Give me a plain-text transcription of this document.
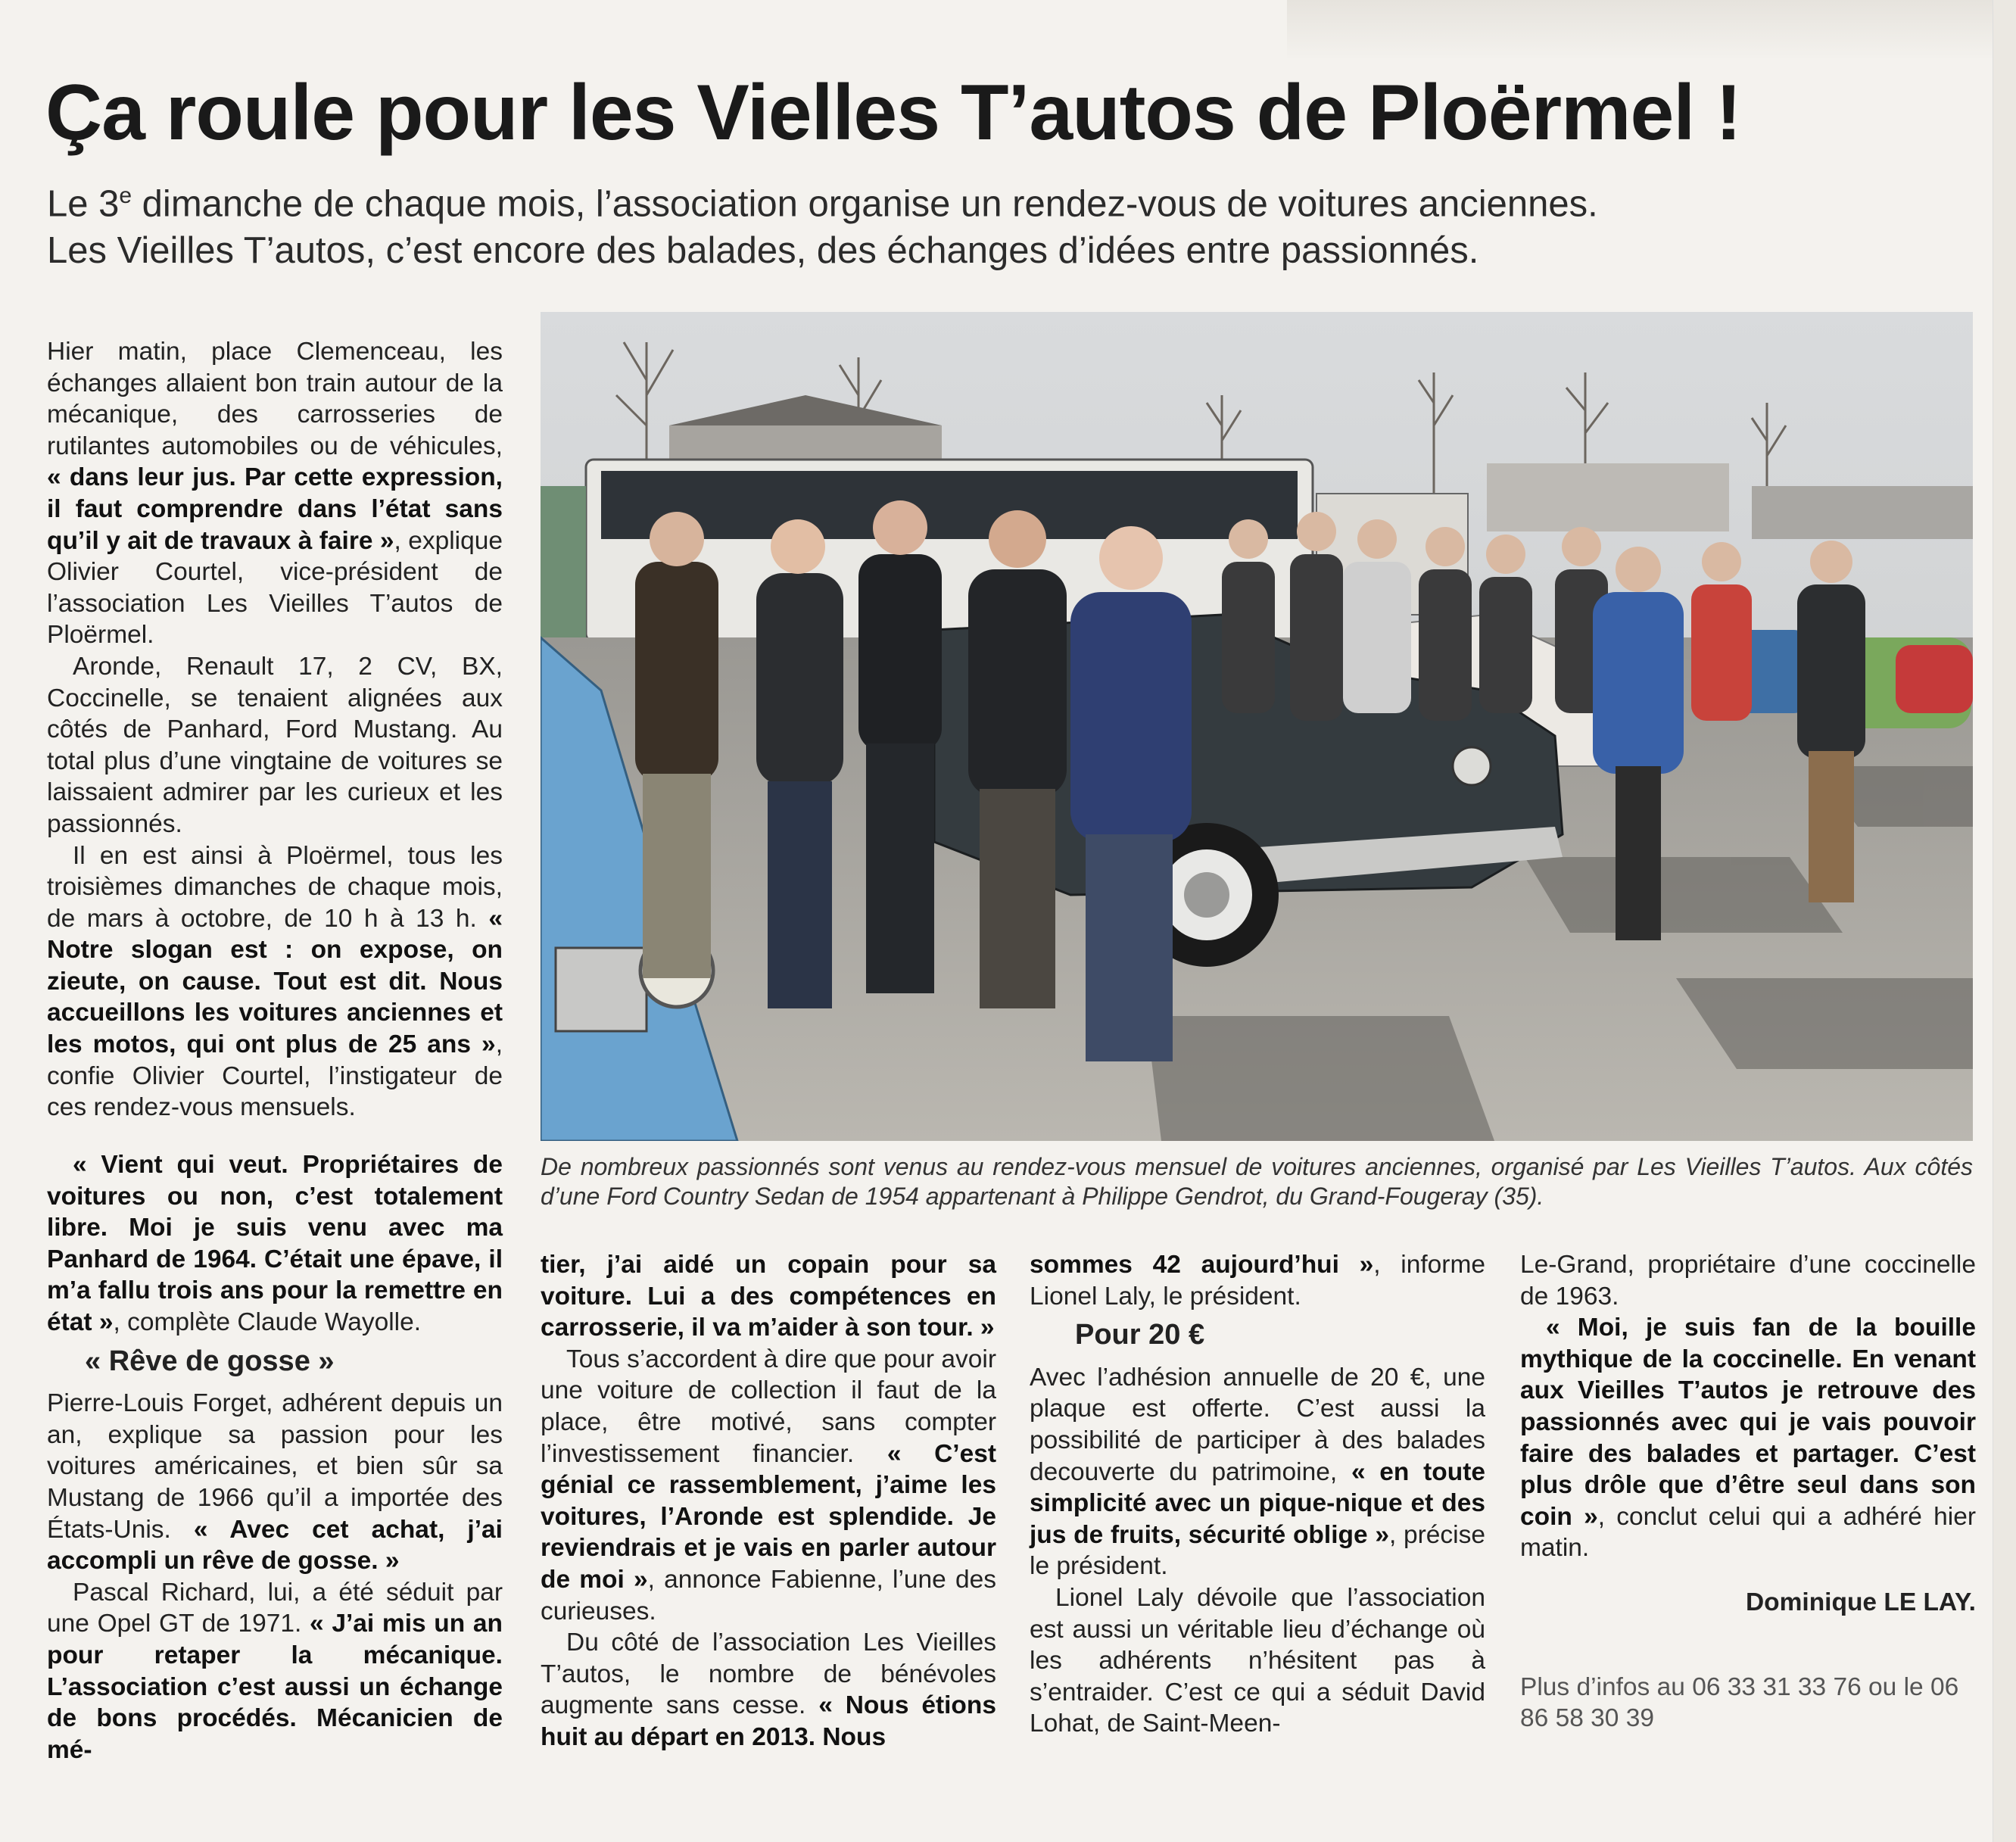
Ça roule pour les Vielles T’autos de Ploërmel !

Le 3e dimanche de chaque mois, l’association organise un rendez-vous de voitures anciennes.

Les Vieilles T’autos, c’est encore des balades, des échanges d’idées entre passionnés.

Hier matin, place Clemenceau, les échanges allaient bon train autour de la mécanique, des carrosseries de rutilantes automobiles ou de véhicules, « dans leur jus. Par cette expression, il faut comprendre dans l’état sans qu’il y ait de travaux à faire », explique Olivier Courtel, vice-président de l’association Les Vieilles T’autos de Ploërmel.

Aronde, Renault 17, 2 CV, BX, Coccinelle, se tenaient alignées aux côtés de Panhard, Ford Mustang. Au total plus d’une vingtaine de voitures se laissaient admirer par les curieux et les passionnés.

Il en est ainsi à Ploërmel, tous les troisièmes dimanches de chaque mois, de mars à octobre, de 10 h à 13 h. « Notre slogan est : on expose, on zieute, on cause. Tout est dit. Nous accueillons les voitures anciennes et les motos, qui ont plus de 25 ans », confie Olivier Courtel, l’instigateur de ces rendez-vous mensuels.

« Vient qui veut. Propriétaires de voitures ou non, c’est totalement libre. Moi je suis venu avec ma Panhard de 1964. C’était une épave, il m’a fallu trois ans pour la remettre en état », complète Claude Wayolle.

« Rêve de gosse »

Pierre-Louis Forget, adhérent depuis un an, explique sa passion pour les voitures américaines, et bien sûr sa Mustang de 1966 qu’il a importée des États-Unis. « Avec cet achat, j’ai accompli un rêve de gosse. »

Pascal Richard, lui, a été séduit par une Opel GT de 1971. « J’ai mis un an pour retaper la mécanique. L’association c’est aussi un échange de bons procédés. Mécanicien de mé-

De nombreux passionnés sont venus au rendez-vous mensuel de voitures anciennes, organisé par Les Vieilles T’autos. Aux côtés d’une Ford Country Sedan de 1954 appartenant à Philippe Gendrot, du Grand-Fougeray (35).

tier, j’ai aidé un copain pour sa voiture. Lui a des compétences en carrosserie, il va m’aider à son tour. »

Tous s’accordent à dire que pour avoir une voiture de collection il faut de la place, être motivé, sans compter l’investissement financier. « C’est génial ce rassemblement, j’aime les voitures, l’Aronde est splendide. Je reviendrais et je vais en parler autour de moi », annonce Fabienne, l’une des curieuses.

Du côté de l’association Les Vieilles T’autos, le nombre de bénévoles augmente sans cesse. « Nous étions huit au départ en 2013. Nous

sommes 42 aujourd’hui », informe Lionel Laly, le président.

Pour 20 €

Avec l’adhésion annuelle de 20 €, une plaque est offerte. C’est aussi la possibilité de participer à des balades decouverte du patrimoine, « en toute simplicité avec un pique-nique et des jus de fruits, sécurité oblige », précise le président.

Lionel Laly dévoile que l’association est aussi un véritable lieu d’échange où les adhérents n’hésitent pas à s’entraider. C’est ce qui a séduit David Lohat, de Saint-Meen-

Le-Grand, propriétaire d’une coccinelle de 1963.

« Moi, je suis fan de la bouille mythique de la coccinelle. En venant aux Vieilles T’autos je retrouve des passionnés avec qui je vais pouvoir faire des balades et partager. C’est plus drôle que d’être seul dans son coin », conclut celui qui a adhéré hier matin.

Dominique LE LAY.

Plus d’infos au 06 33 31 33 76 ou le 06 86 58 30 39
